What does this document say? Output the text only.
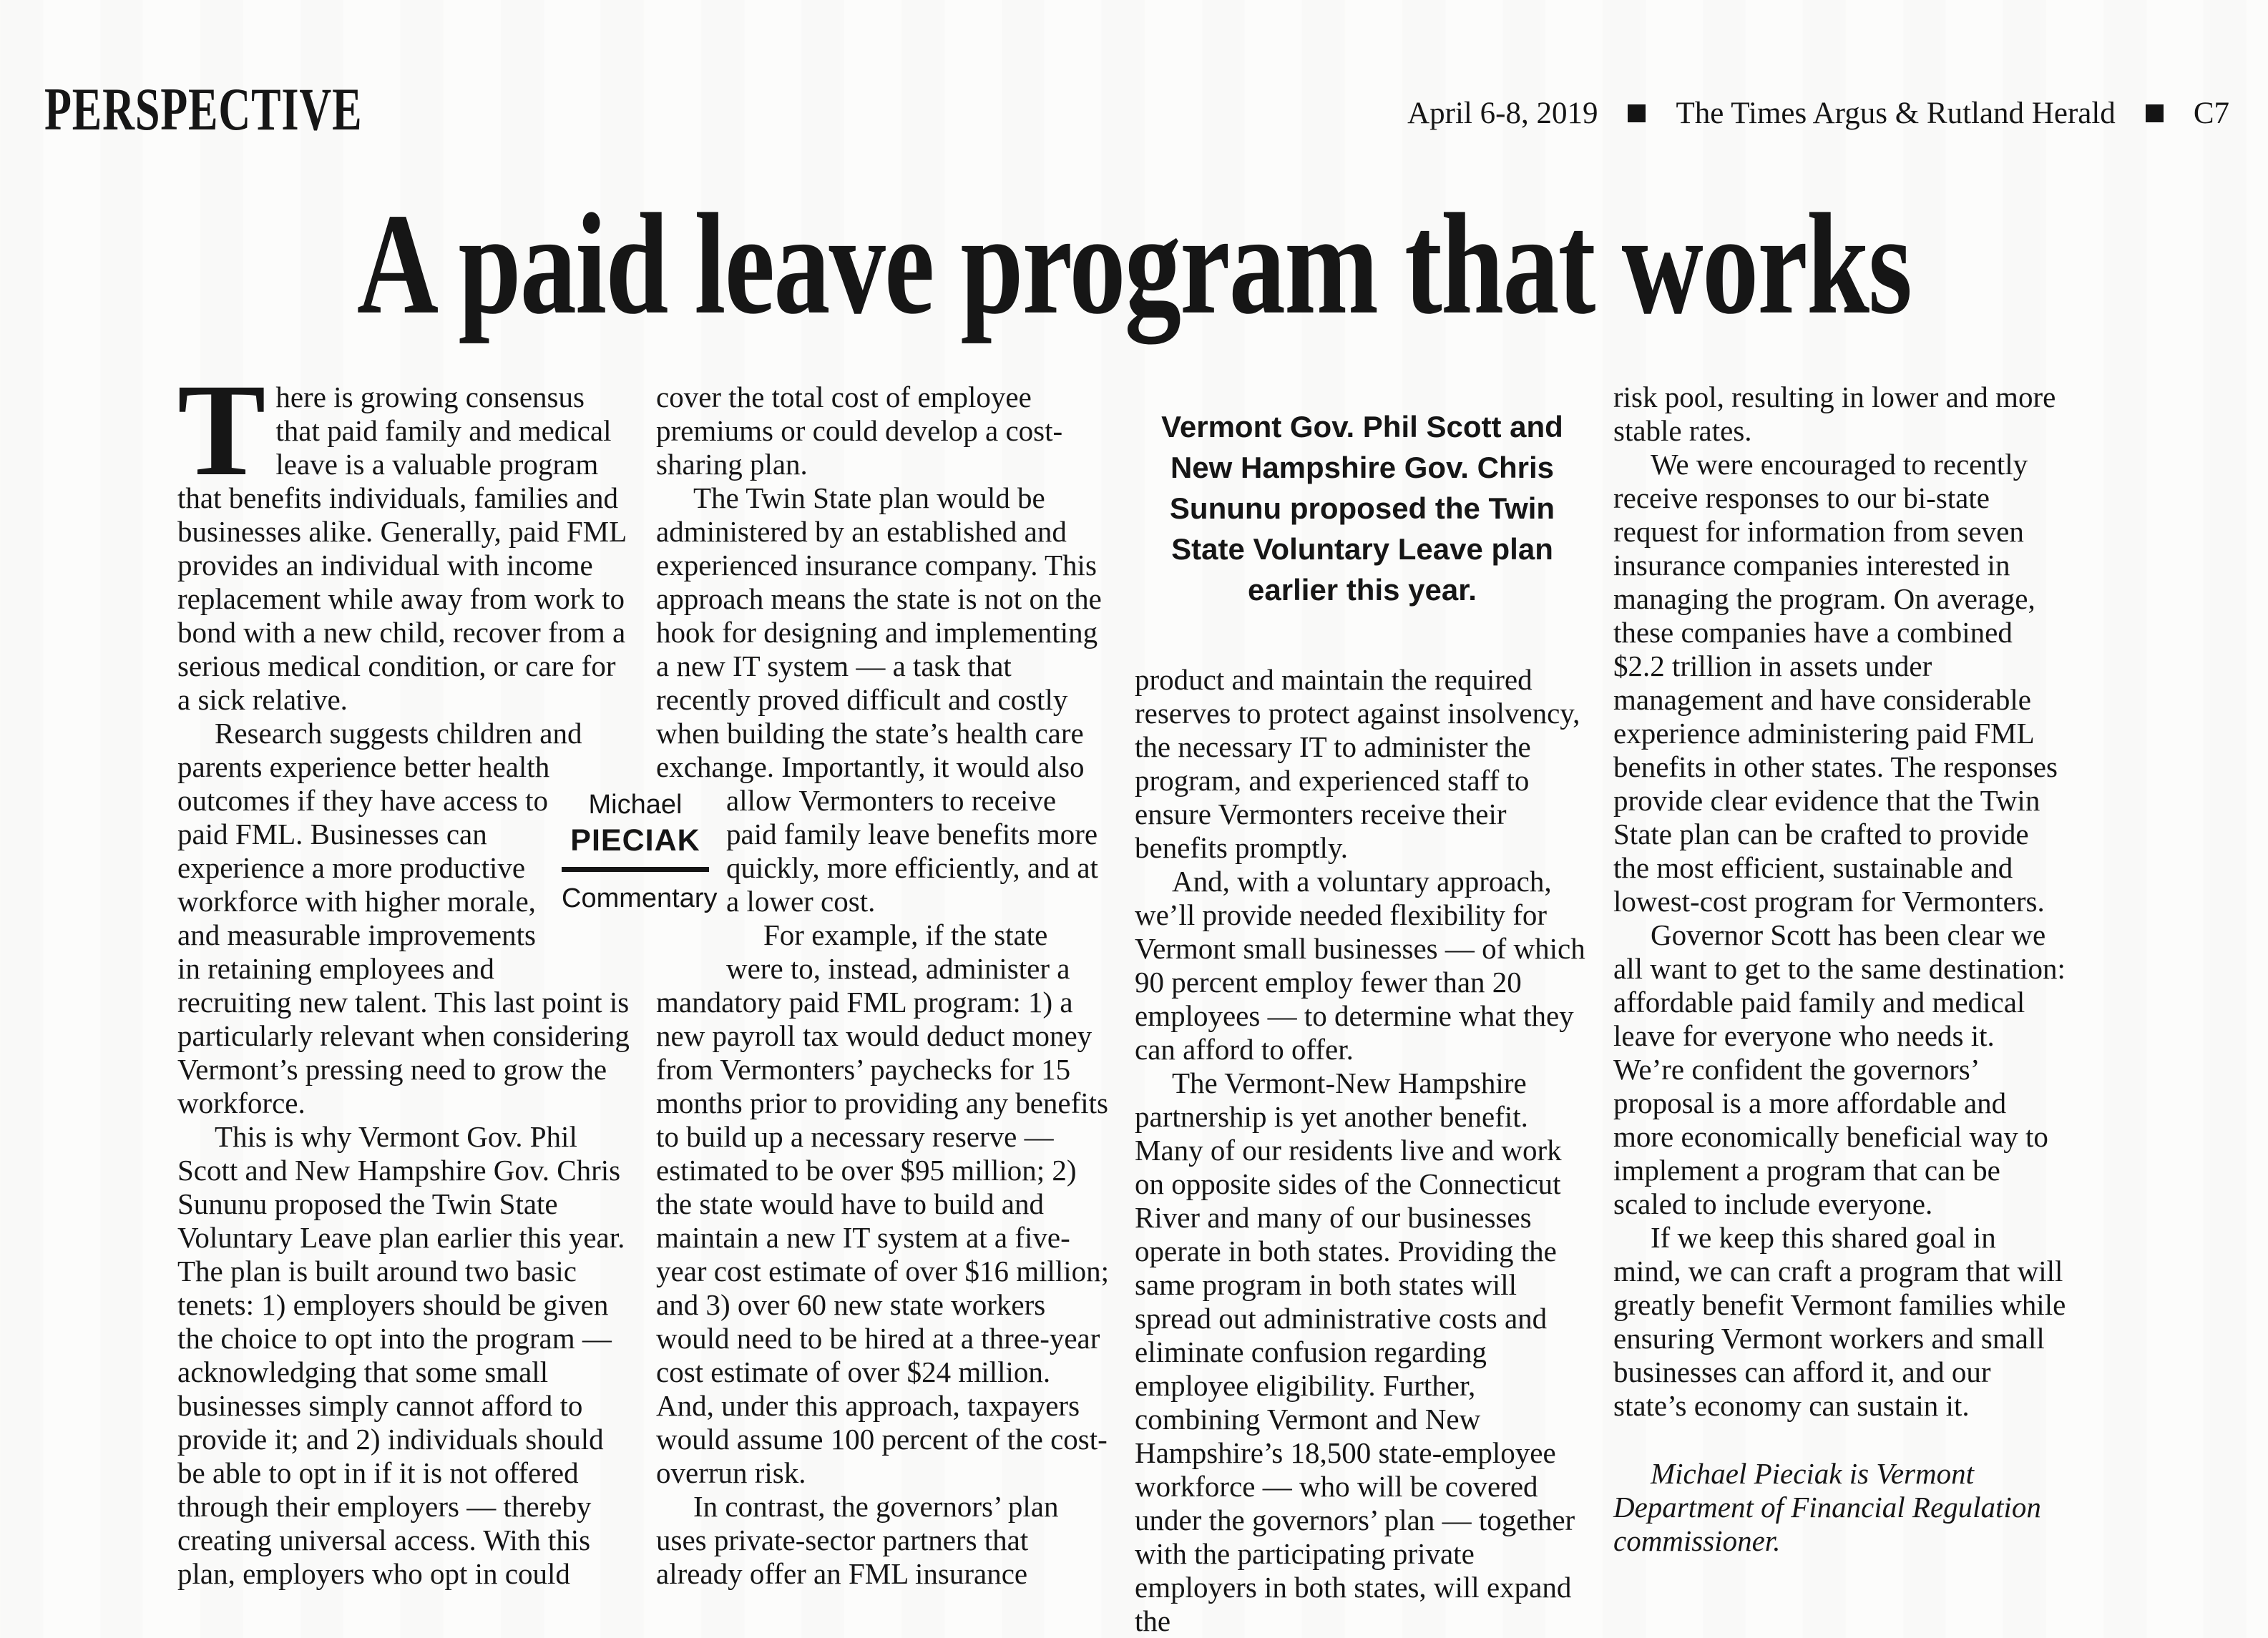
PERSPECTIVE	April 6-8, 2019	The Times Argus & Rutland Herald	C7
A paid leave program that works

There is growing consensus that paid family and medical leave is a valuable program that benefits individuals, families and businesses alike. Generally, paid FML provides an individual with income replacement while away from work to bond with a new child, recover from a serious medical condition, or care for a sick relative.

Research suggests children and parents experience better health outcomes if they have access to
paid FML. Businesses can experience a more productive workforce with higher morale, and measurable improvements in retaining employees and recruiting new talent. This last point is particularly relevant when considering Vermont’s pressing need to grow the workforce.

This is why Vermont Gov. Phil Scott and New Hampshire Gov. Chris Sununu proposed the Twin State Voluntary Leave plan earlier this year. The plan is built around two basic tenets: 1) employers should be given the choice to opt into the program — acknowledging that some small businesses simply cannot afford to provide it; and 2) individuals should be able to opt in if it is not offered through their employers — thereby creating universal access. With this plan, employers who opt in could

cover the total cost of employee premiums or could develop a cost-sharing plan.

The Twin State plan would be administered by an established and experienced insurance company. This approach means the state is not on the hook for designing and implementing a new IT system — a task that recently proved difficult and costly when building the state’s health care exchange. Importantly, it would also allow
Michael
PIECIAK
Commentary
Vermonters to receive paid family leave benefits more quickly, more efficiently, and at a lower cost.

For example, if the state were to, instead, administer a mandatory paid FML program: 1) a new payroll tax would deduct money from Vermonters’ paychecks for 15 months prior to providing any benefits to build up a necessary reserve — estimated to be over $95 million; 2) the state would have to build and maintain a new IT system at a five-year cost estimate of over $16 million; and 3) over 60 new state workers would need to be hired at a three-year cost estimate of over $24 million. And, under this approach, taxpayers would assume 100 percent of the cost-overrun risk.

In contrast, the governors’ plan uses private-sector partners that already offer an FML insurance

Vermont Gov. Phil Scott and New Hampshire Gov. Chris Sununu proposed the Twin State Voluntary Leave plan earlier this year.

product and maintain the required reserves to protect against insolvency, the necessary IT to administer the program, and experienced staff to ensure Vermonters receive their benefits promptly.

And, with a voluntary approach, we’ll provide needed flexibility for Vermont small businesses — of which 90 percent employ fewer than 20 employees — to determine what they can afford to offer.

The Vermont-New Hampshire partnership is yet another benefit. Many of our residents live and work on opposite sides of the Connecticut River and many of our businesses operate in both states. Providing the same program in both states will spread out administrative costs and eliminate confusion regarding employee eligibility. Further, combining Vermont and New Hampshire’s 18,500 state-employee workforce — who will be covered under the governors’ plan — together with the participating private employers in both states, will expand the

risk pool, resulting in lower and more stable rates.

We were encouraged to recently receive responses to our bi-state request for information from seven insurance companies interested in managing the program. On average, these companies have a combined $2.2 trillion in assets under management and have considerable experience administering paid FML benefits in other states. The responses provide clear evidence that the Twin State plan can be crafted to provide the most efficient, sustainable and lowest-cost program for Vermonters.

Governor Scott has been clear we all want to get to the same destination: affordable paid family and medical leave for everyone who needs it. We’re confident the governors’ proposal is a more affordable and more economically beneficial way to implement a program that can be scaled to include everyone.

If we keep this shared goal in mind, we can craft a program that will greatly benefit Vermont families while ensuring Vermont workers and small businesses can afford it, and our state’s economy can sustain it.

Michael Pieciak is Vermont Department of Financial Regulation commissioner.
